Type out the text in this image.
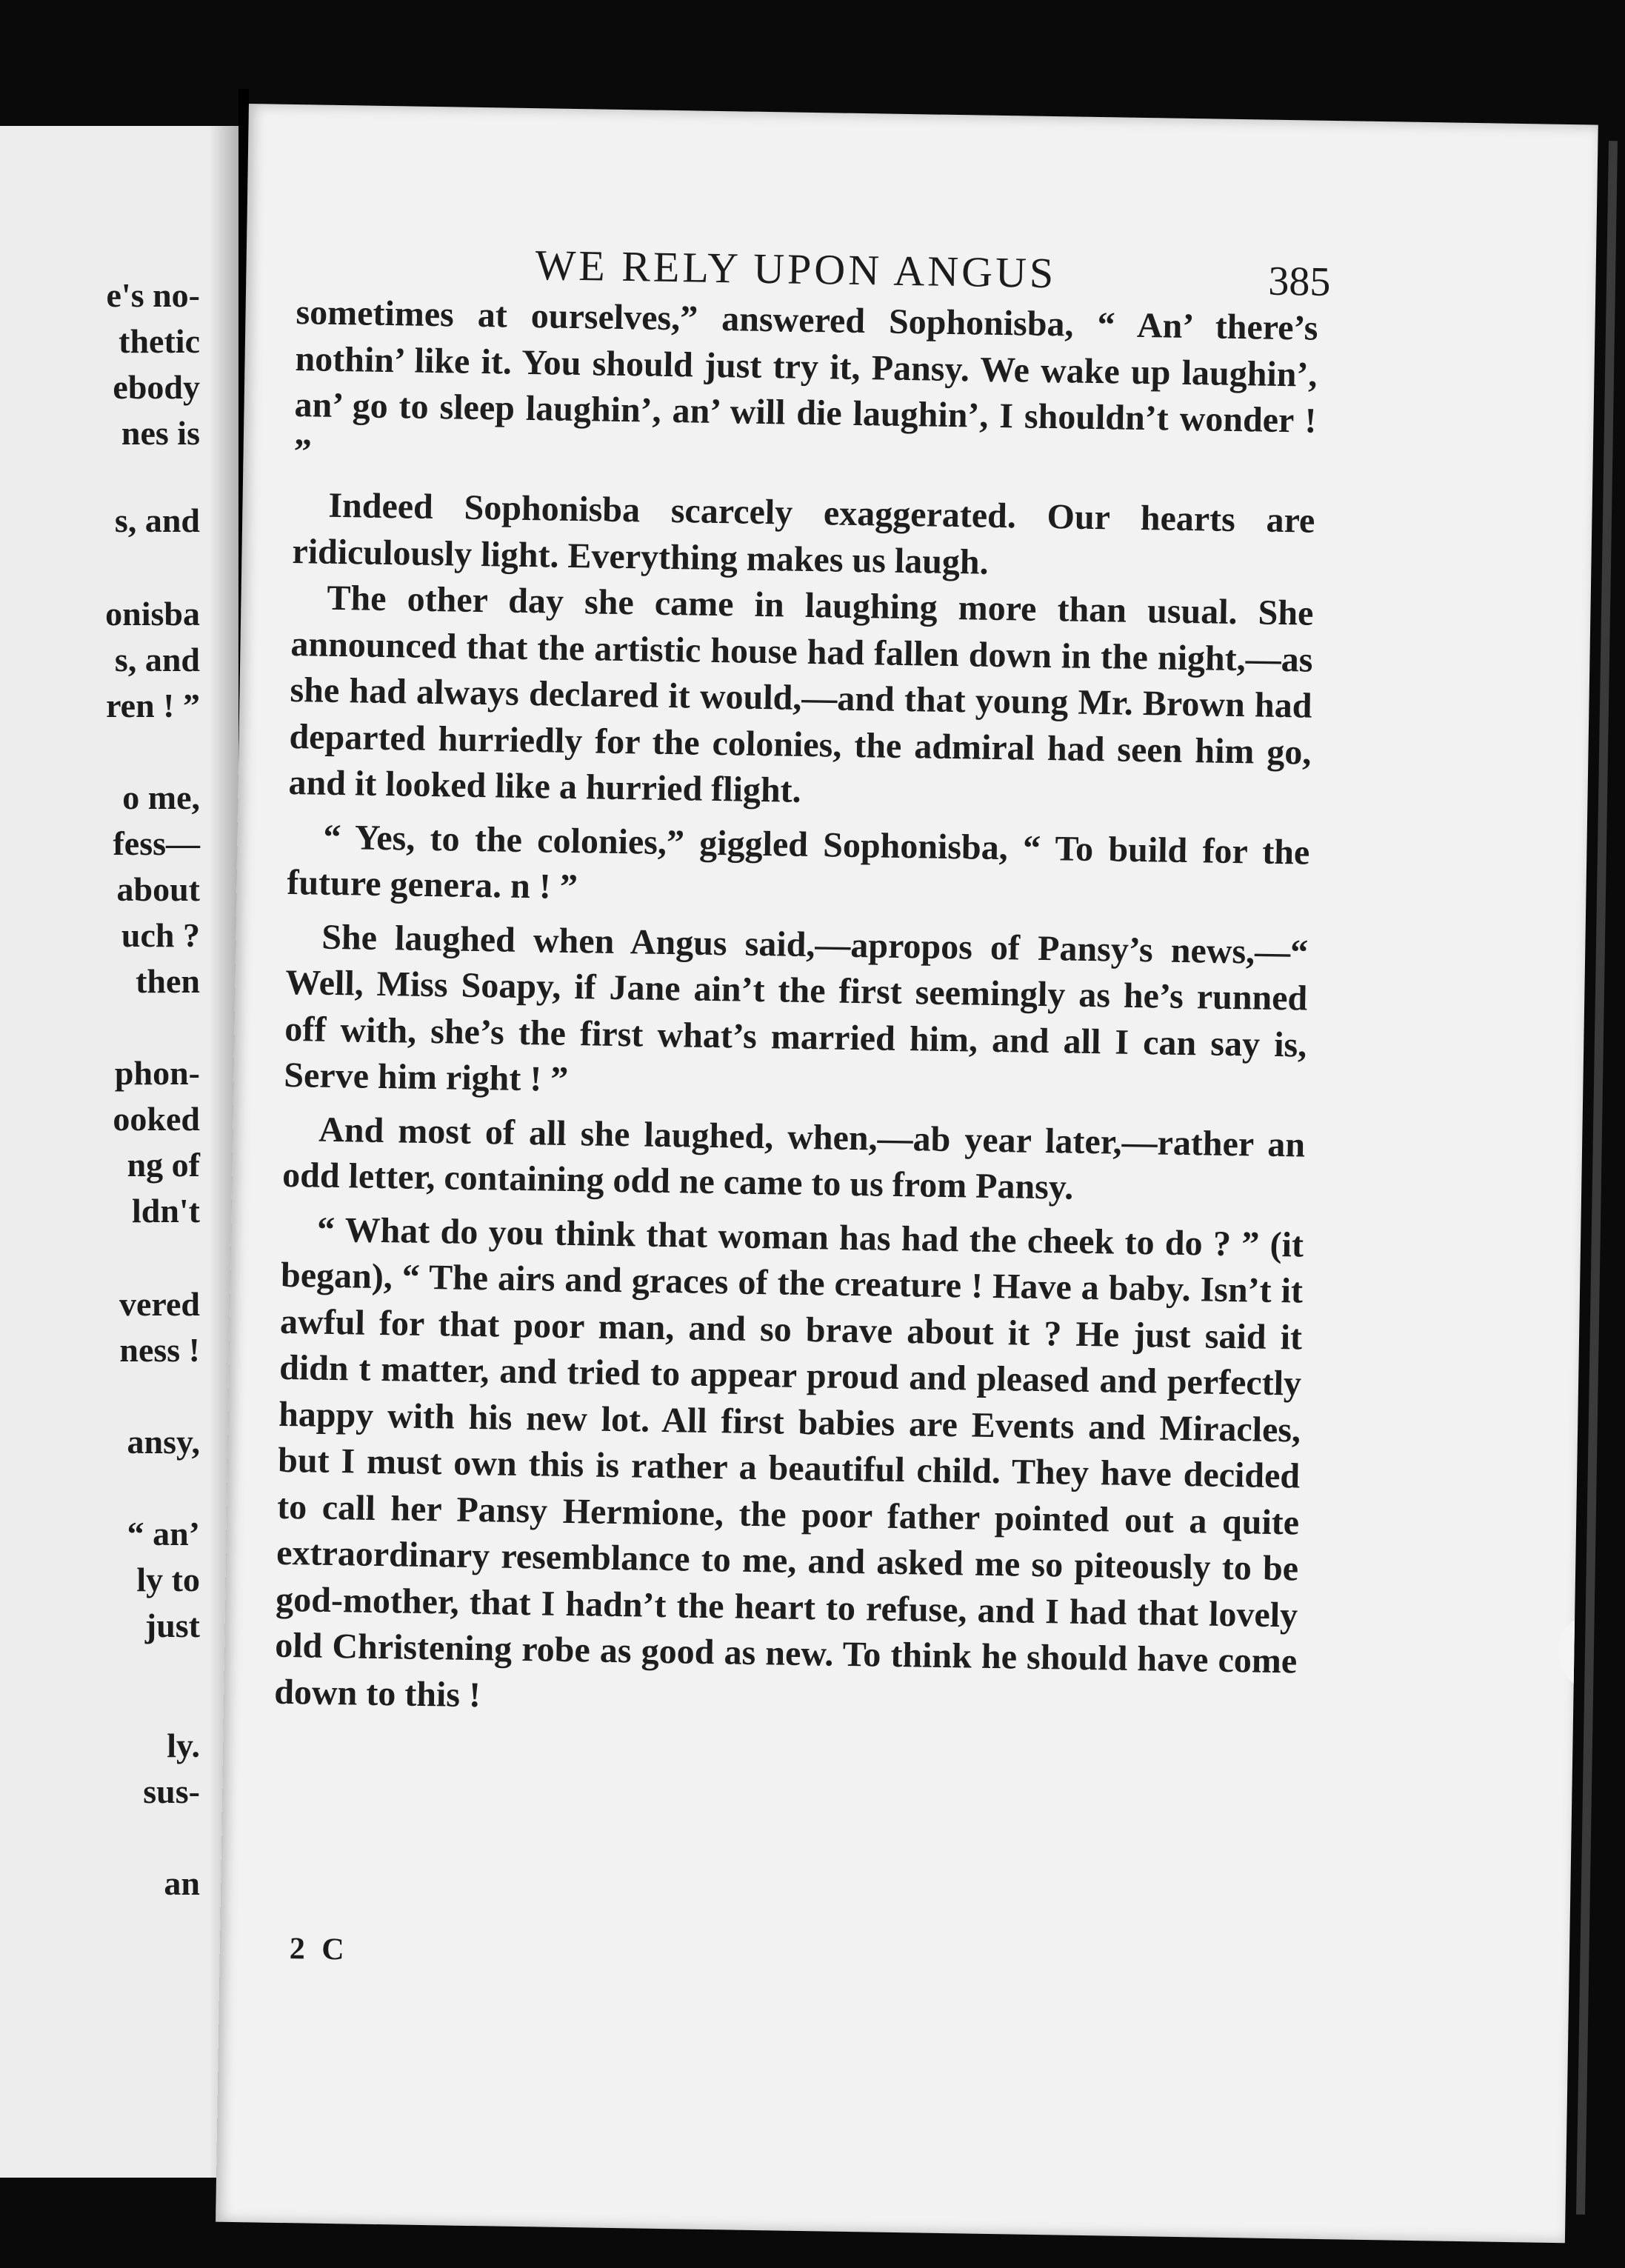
e's no-
thetic
ebody
nes is
s, and
onisba
s, and
ren ! ”
o me,
fess—
about
uch ?
then
phon-
ooked
ng of
ldn't
vered
ness !
ansy,
“ an’
ly to
just
ly.
sus-
an
WE RELY UPON ANGUS	385

sometimes at ourselves,” answered Sophonisba, “ An’ there’s nothin’ like it. You should just try it, Pansy. We wake up laughin’, an’ go to sleep laughin’, an’ will die laughin’, I shouldn’t wonder ! ”

Indeed Sophonisba scarcely exaggerated. Our hearts are ridiculously light. Everything makes us laugh.

The other day she came in laughing more than usual. She announced that the artistic house had fallen down in the night,—as she had always declared it would,—and that young Mr. Brown had departed hurriedly for the colonies, the admiral had seen him go, and it looked like a hurried flight.

“ Yes, to the colonies,” giggled Sophonisba, “ To build for the future genera. n ! ”

She laughed when Angus said,—apropos of Pansy’s news,—“ Well, Miss Soapy, if Jane ain’t the first seemingly as he’s runned off with, she’s the first what’s married him, and all I can say is, Serve him right ! ”

And most of all she laughed, when,—ab year later,—rather an odd letter, containing odd ne came to us from Pansy.

“ What do you think that woman has had the cheek to do ? ” (it began), “ The airs and graces of the creature ! Have a baby. Isn’t it awful for that poor man, and so brave about it ? He just said it didn t matter, and tried to appear proud and pleased and perfectly happy with his new lot. All first babies are Events and Miracles, but I must own this is rather a beautiful child. They have decided to call her Pansy Hermione, the poor father pointed out a quite extraordinary resemblance to me, and asked me so piteously to be god-mother, that I hadn’t the heart to refuse, and I had that lovely old Christening robe as good as new. To think he should have come down to this !

2 C
